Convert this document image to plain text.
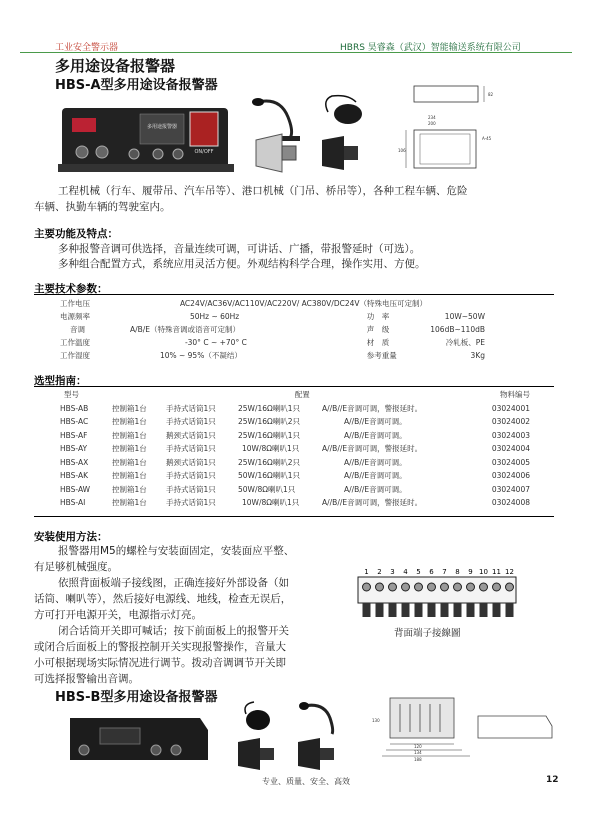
工业安全警示器	HBRS 昊睿森（武汉）智能输送系统有限公司
多用途设备报警器
HBS-A型多用途设备报警器
多用途报警器
ON/OFF
82
234
200
106
A-45
工程机械（行车、履带吊、汽车吊等）、港口机械（门吊、桥吊等），各种工程车辆、危险
车辆、执勤车辆的驾驶室内。
主要功能及特点：
多种报警音调可供选择，音量连续可调，可讲话、广播，带报警延时（可选）。
多种组合配置方式，系统应用灵活方便。外观结构科学合理，操作实用、方便。
主要技术参数：
工作电压	AC24V/AC36V/AC110V/AC220V/ AC380V/DC24V（特殊电压可定制）		
电源频率	50Hz ~ 60Hz	功　率	10W~50W
音调	A/B/E（特殊音调或语音可定制）	声　级	106dB~110dB
工作温度	-30° C ~ +70° C	材　质	冷轧板、PE
工作湿度	10% ~ 95%（不凝结）	参考重量	3Kg
选型指南：
型号	配置				物料编号
HBS-AB	控制箱1台	手持式话筒1只	25W/16Ω喇叭1只	A//B//E音调可调，警报延时。	03024001
HBS-AC	控制箱1台	手持式话筒1只	25W/16Ω喇叭2只	A//B//E音调可调。	03024002
HBS-AF	控制箱1台	鹅颈式话筒1只	25W/16Ω喇叭1只	A//B//E音调可调。	03024003
HBS-AY	控制箱1台	手持式话筒1只	10W/8Ω喇叭1只	A//B//E音调可调，警报延时。	03024004
HBS-AX	控制箱1台	鹅颈式话筒1只	25W/16Ω喇叭2只	A//B//E音调可调。	03024005
HBS-AK	控制箱1台	手持式话筒1只	50W/16Ω喇叭1只	A//B//E音调可调。	03024006
HBS-AW	控制箱1台	手持式话筒1只	50W/8Ω喇叭1只	A//B//E音调可调。	03024007
HBS-AI	控制箱1台	手持式话筒1只	10W/8Ω喇叭1只	A//B//E音调可调，警报延时。	03024008
安装使用方法：
报警器用M5的螺栓与安装面固定，安装面应平整、
有足够机械强度。
依照背面板端子接线图，正确连接好外部设备（如
话筒、喇叭等），然后接好电源线、地线，检查无误后，
方可打开电源开关，电源指示灯亮。
闭合话筒开关即可喊话；按下前面板上的报警开关
或闭合后面板上的警报控制开关实现报警操作，音量大
小可根据现场实际情况进行调节。拨动音调调节开关即
可选择报警输出音调。
1 2 3 4 5 6 7 8 9 10 11 12
背面端子接線圖
HBS-B型多用途设备报警器
130
120
134
188
专业、质量、安全、高效	12
